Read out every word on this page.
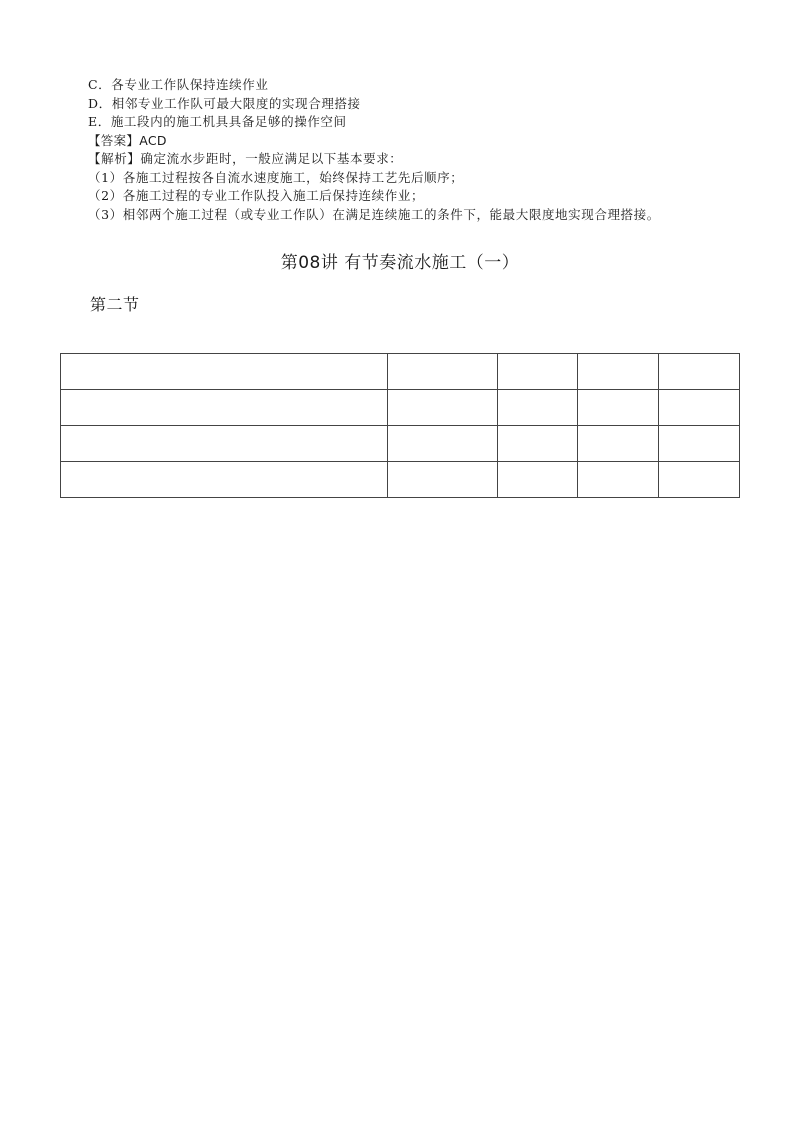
C．各专业工作队保持连续作业
D．相邻专业工作队可最大限度的实现合理搭接
E．施工段内的施工机具具备足够的操作空间
【答案】ACD
【解析】确定流水步距时，一般应满足以下基本要求：
（1）各施工过程按各自流水速度施工，始终保持工艺先后顺序；
（2）各施工过程的专业工作队投入施工后保持连续作业；
（3）相邻两个施工过程（或专业工作队）在满足连续施工的条件下，能最大限度地实现合理搭接。
第08讲 有节奏流水施工（一）
第二节
